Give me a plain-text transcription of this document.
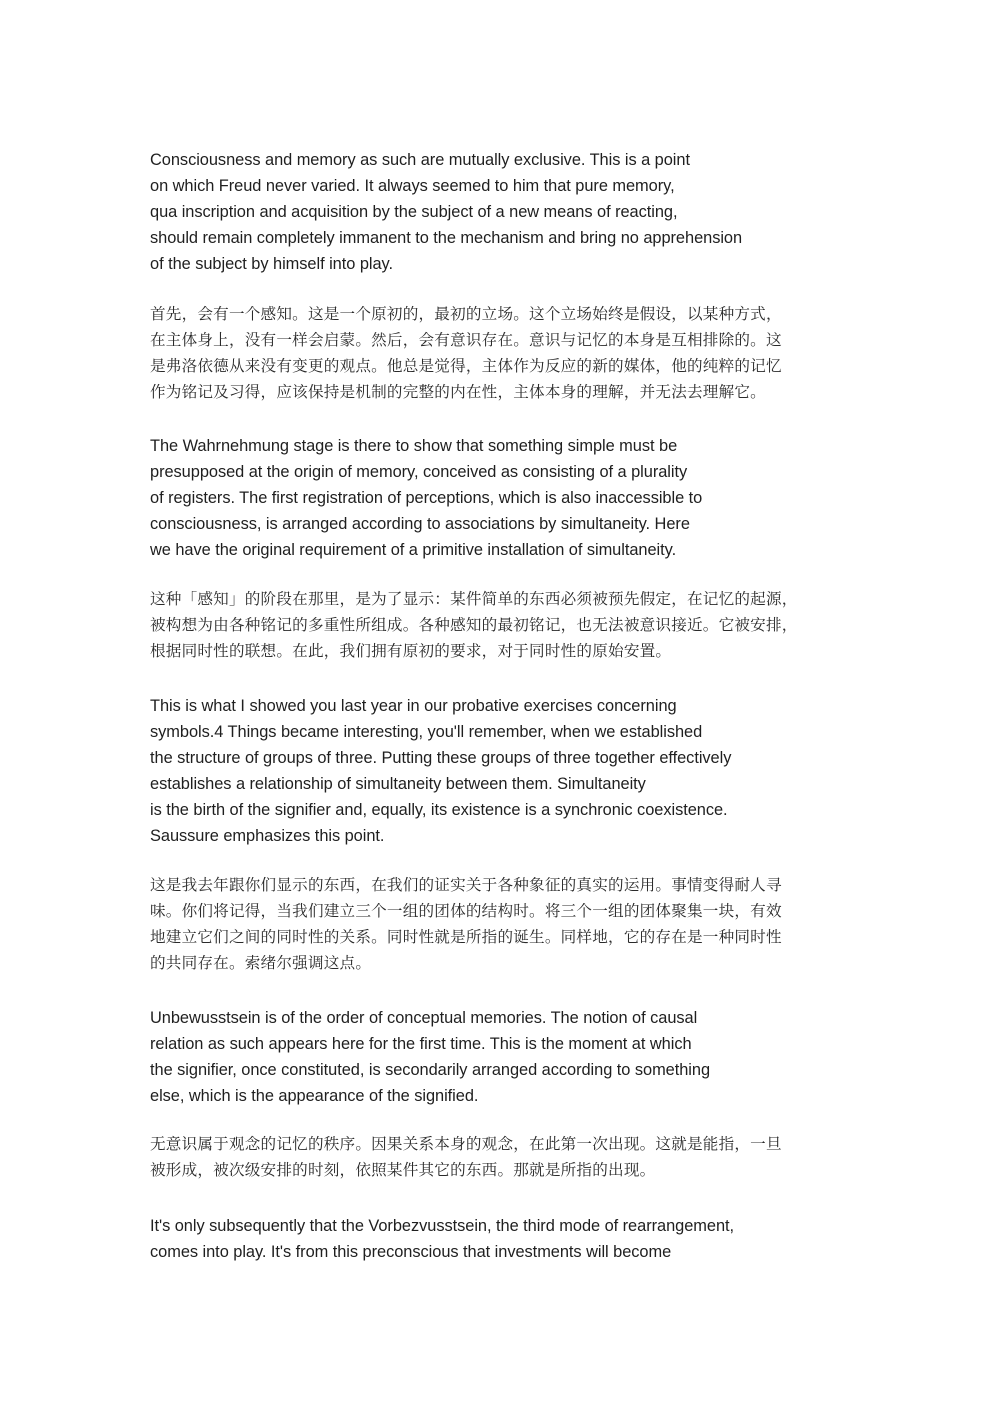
Consciousness and memory as such are mutually exclusive. This is a point
on which Freud never varied. It always seemed to him that pure memory,
qua inscription and acquisition by the subject of a new means of reacting,
should remain completely immanent to the mechanism and bring no apprehension
of the subject by himself into play.
首先，会有一个感知。这是一个原初的，最初的立场。这个立场始终是假设，以某种方式，
在主体身上，没有一样会启蒙。然后，会有意识存在。意识与记忆的本身是互相排除的。这
是弗洛依德从来没有变更的观点。他总是觉得，主体作为反应的新的媒体，他的纯粹的记忆
作为铭记及习得，应该保持是机制的完整的内在性，主体本身的理解，并无法去理解它。
The Wahrnehmung stage is there to show that something simple must be
presupposed at the origin of memory, conceived as consisting of a plurality
of registers. The first registration of perceptions, which is also inaccessible to
consciousness, is arranged according to associations by simultaneity. Here
we have the original requirement of a primitive installation of simultaneity.
这种「感知」的阶段在那里，是为了显示：某件简单的东西必须被预先假定，在记忆的起源，
被构想为由各种铭记的多重性所组成。各种感知的最初铭记，也无法被意识接近。它被安排，
根据同时性的联想。在此，我们拥有原初的要求，对于同时性的原始安置。
This is what I showed you last year in our probative exercises concerning
symbols.4 Things became interesting, you'll remember, when we established
the structure of groups of three. Putting these groups of three together effectively
establishes a relationship of simultaneity between them. Simultaneity
is the birth of the signifier and, equally, its existence is a synchronic coexistence.
Saussure emphasizes this point.
这是我去年跟你们显示的东西，在我们的证实关于各种象征的真实的运用。事情变得耐人寻
味。你们将记得，当我们建立三个一组的团体的结构时。将三个一组的团体聚集一块，有效
地建立它们之间的同时性的关系。同时性就是所指的诞生。同样地，它的存在是一种同时性
的共同存在。索绪尔强调这点。
Unbewusstsein is of the order of conceptual memories. The notion of causal
relation as such appears here for the first time. This is the moment at which
the signifier, once constituted, is secondarily arranged according to something
else, which is the appearance of the signified.
无意识属于观念的记忆的秩序。因果关系本身的观念，在此第一次出现。这就是能指，一旦
被形成，被次级安排的时刻，依照某件其它的东西。那就是所指的出现。
It's only subsequently that the Vorbezvusstsein, the third mode of rearrangement,
comes into play. It's from this preconscious that investments will become
